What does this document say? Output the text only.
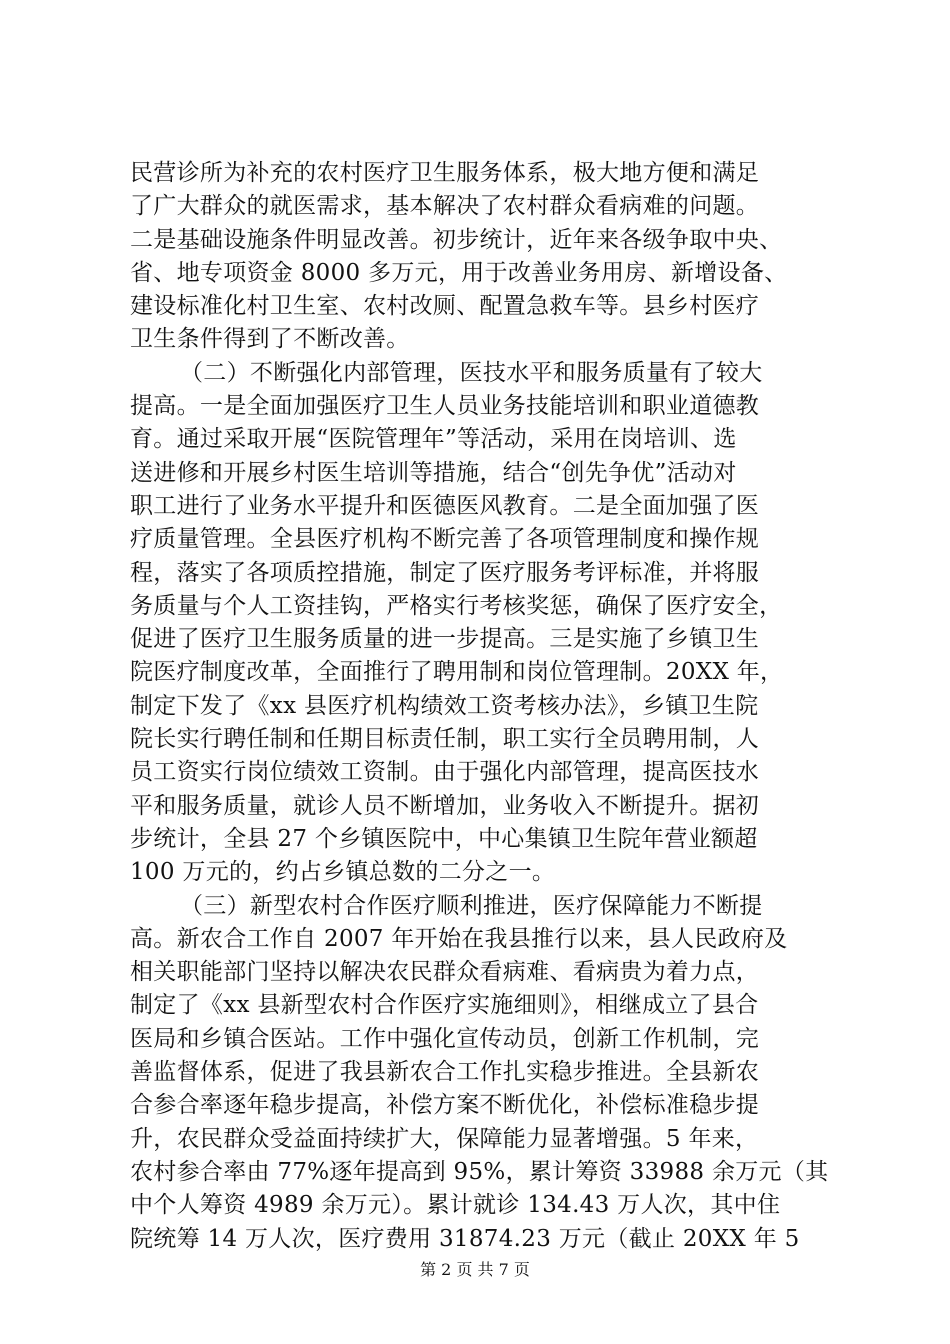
民营诊所为补充的农村医疗卫生服务体系，极大地方便和满足
了广大群众的就医需求，基本解决了农村群众看病难的问题。
二是基础设施条件明显改善。初步统计，近年来各级争取中央、
省、地专项资金 8000 多万元，用于改善业务用房、新增设备、
建设标准化村卫生室、农村改厕、配置急救车等。县乡村医疗
卫生条件得到了不断改善。
（二）不断强化内部管理，医技水平和服务质量有了较大
提高。一是全面加强医疗卫生人员业务技能培训和职业道德教
育。通过采取开展“医院管理年”等活动，采用在岗培训、选
送进修和开展乡村医生培训等措施，结合“创先争优”活动对
职工进行了业务水平提升和医德医风教育。二是全面加强了医
疗质量管理。全县医疗机构不断完善了各项管理制度和操作规
程，落实了各项质控措施，制定了医疗服务考评标准，并将服
务质量与个人工资挂钩，严格实行考核奖惩，确保了医疗安全，
促进了医疗卫生服务质量的进一步提高。三是实施了乡镇卫生
院医疗制度改革，全面推行了聘用制和岗位管理制。20XX 年，
制定下发了《xx 县医疗机构绩效工资考核办法》，乡镇卫生院
院长实行聘任制和任期目标责任制，职工实行全员聘用制，人
员工资实行岗位绩效工资制。由于强化内部管理，提高医技水
平和服务质量，就诊人员不断增加，业务收入不断提升。据初
步统计，全县 27 个乡镇医院中，中心集镇卫生院年营业额超
100 万元的，约占乡镇总数的二分之一。
（三）新型农村合作医疗顺利推进，医疗保障能力不断提
高。新农合工作自 2007 年开始在我县推行以来，县人民政府及
相关职能部门坚持以解决农民群众看病难、看病贵为着力点，
制定了《xx 县新型农村合作医疗实施细则》，相继成立了县合
医局和乡镇合医站。工作中强化宣传动员，创新工作机制，完
善监督体系，促进了我县新农合工作扎实稳步推进。全县新农
合参合率逐年稳步提高，补偿方案不断优化，补偿标准稳步提
升，农民群众受益面持续扩大，保障能力显著增强。5 年来，
农村参合率由 77%逐年提高到 95%，累计筹资 33988 余万元（其
中个人筹资 4989 余万元）。累计就诊 134.43 万人次，其中住
院统筹 14 万人次，医疗费用 31874.23 万元（截止 20XX 年 5
第 2 页 共 7 页
